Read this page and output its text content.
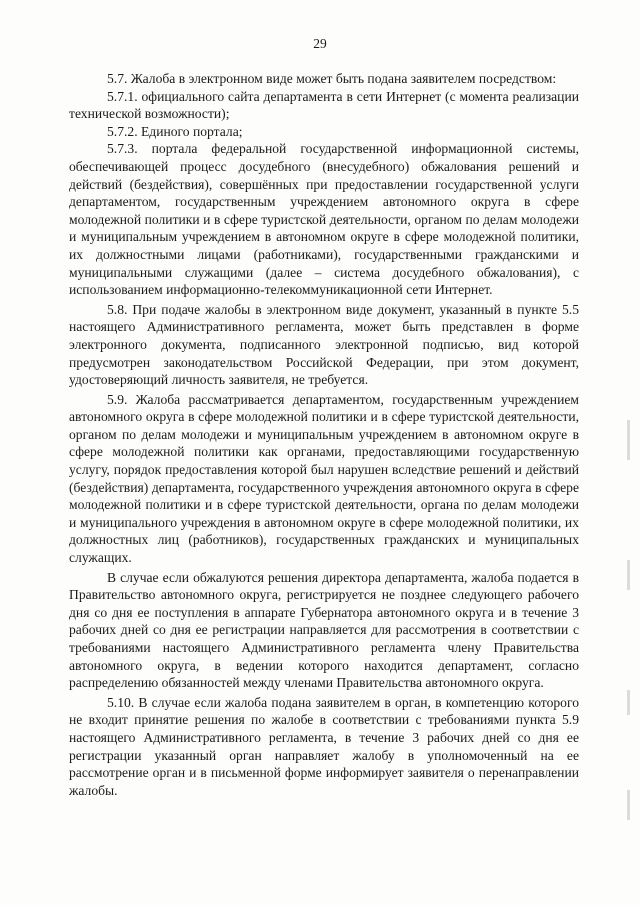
29

5.7. Жалоба в электронном виде может быть подана заявителем посредством:

5.7.1. официального сайта департамента в сети Интернет (с момента реализации технической возможности);

5.7.2. Единого портала;

5.7.3. портала федеральной государственной информационной системы, обеспечивающей процесс досудебного (внесудебного) обжалования решений и действий (бездействия), совершённых при предоставлении государственной услуги департаментом, государственным учреждением автономного округа в сфере молодежной политики и в сфере туристской деятельности, органом по делам молодежи и муниципальным учреждением в автономном округе в сфере молодежной политики, их должностными лицами (работниками), государственными гражданскими и муниципальными служащими (далее – система досудебного обжалования), с использованием информационно-телекоммуникационной сети Интернет.

5.8. При подаче жалобы в электронном виде документ, указанный в пункте 5.5 настоящего Административного регламента, может быть представлен в форме электронного документа, подписанного электронной подписью, вид которой предусмотрен законодательством Российской Федерации, при этом документ, удостоверяющий личность заявителя, не требуется.

5.9. Жалоба рассматривается департаментом, государственным учреждением автономного округа в сфере молодежной политики и в сфере туристской деятельности, органом по делам молодежи и муниципальным учреждением в автономном округе в сфере молодежной политики как органами, предоставляющими государственную услугу, порядок предоставления которой был нарушен вследствие решений и действий (бездействия) департамента, государственного учреждения автономного округа в сфере молодежной политики и в сфере туристской деятельности, органа по делам молодежи и муниципального учреждения в автономном округе в сфере молодежной политики, их должностных лиц (работников), государственных гражданских и муниципальных служащих.

В случае если обжалуются решения директора департамента, жалоба подается в Правительство автономного округа, регистрируется не позднее следующего рабочего дня со дня ее поступления в аппарате Губернатора автономного округа и в течение 3 рабочих дней со дня ее регистрации направляется для рассмотрения в соответствии с требованиями настоящего Административного регламента члену Правительства автономного округа, в ведении которого находится департамент, согласно распределению обязанностей между членами Правительства автономного округа.

5.10. В случае если жалоба подана заявителем в орган, в компетенцию которого не входит принятие решения по жалобе в соответствии с требованиями пункта 5.9 настоящего Административного регламента, в течение 3 рабочих дней со дня ее регистрации указанный орган направляет жалобу в уполномоченный на ее рассмотрение орган и в письменной форме информирует заявителя о перенаправлении жалобы.
